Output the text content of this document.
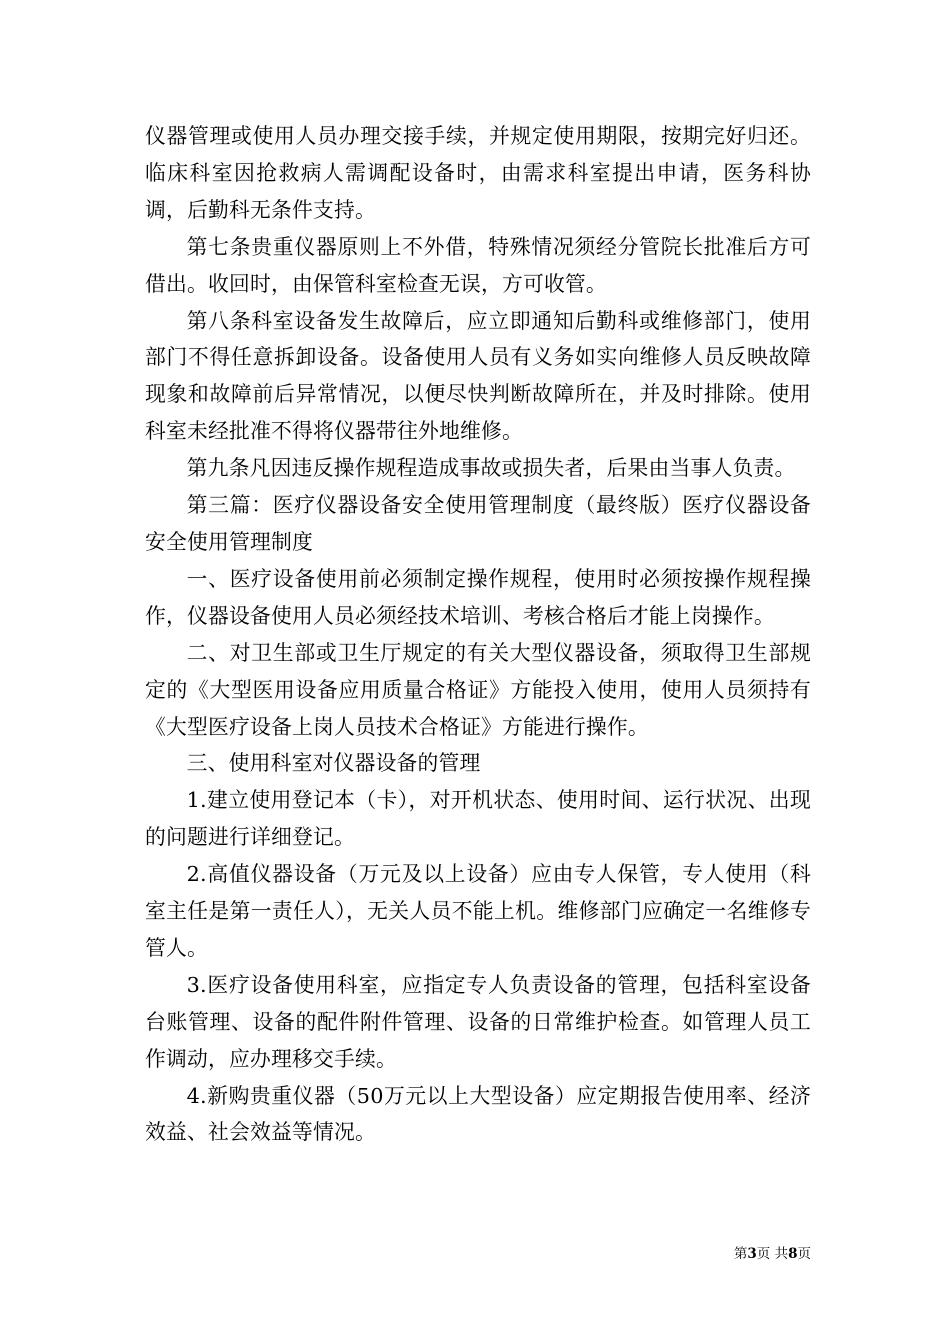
仪器管理或使用人员办理交接手续，并规定使用期限，按期完好归还。临床科室因抢救病人需调配设备时，由需求科室提出申请，医务科协调，后勤科无条件支持。

第七条贵重仪器原则上不外借，特殊情况须经分管院长批准后方可借出。收回时，由保管科室检查无误，方可收管。

第八条科室设备发生故障后，应立即通知后勤科或维修部门，使用部门不得任意拆卸设备。设备使用人员有义务如实向维修人员反映故障现象和故障前后异常情况，以便尽快判断故障所在，并及时排除。使用科室未经批准不得将仪器带往外地维修。

第九条凡因违反操作规程造成事故或损失者，后果由当事人负责。

第三篇：医疗仪器设备安全使用管理制度（最终版）医疗仪器设备安全使用管理制度

一、医疗设备使用前必须制定操作规程，使用时必须按操作规程操作，仪器设备使用人员必须经技术培训、考核合格后才能上岗操作。

二、对卫生部或卫生厅规定的有关大型仪器设备，须取得卫生部规定的《大型医用设备应用质量合格证》方能投入使用，使用人员须持有《大型医疗设备上岗人员技术合格证》方能进行操作。

三、使用科室对仪器设备的管理

1.建立使用登记本（卡），对开机状态、使用时间、运行状况、出现的问题进行详细登记。

2.高值仪器设备（万元及以上设备）应由专人保管，专人使用（科室主任是第一责任人），无关人员不能上机。维修部门应确定一名维修专管人。

3.医疗设备使用科室，应指定专人负责设备的管理，包括科室设备台账管理、设备的配件附件管理、设备的日常维护检查。如管理人员工作调动，应办理移交手续。

4.新购贵重仪器（50万元以上大型设备）应定期报告使用率、经济效益、社会效益等情况。

第3页 共8页
